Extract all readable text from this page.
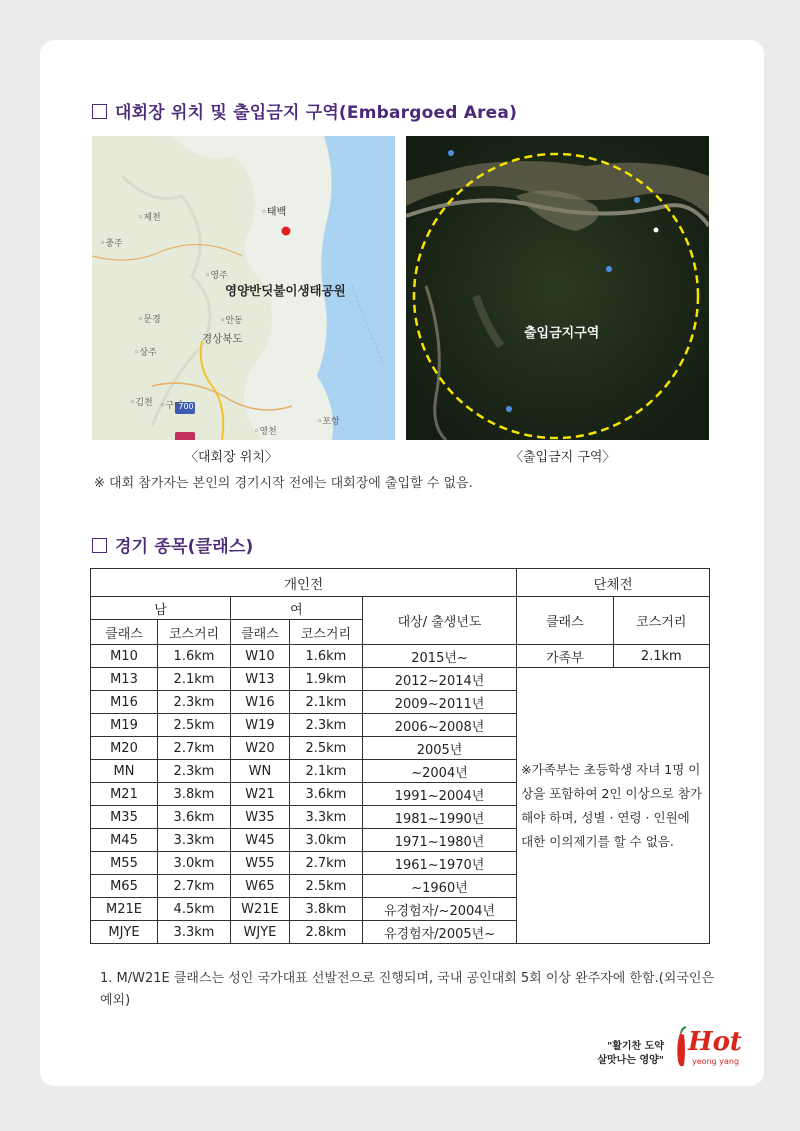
대회장 위치 및 출입금지 구역(Embargoed Area)
◦태백
◦제천
◦충주
◦영주
영양반딧불이생태공원
◦안동
◦문경
경상북도
◦상주
◦김천 ◦구미
◦영천
◦포항
700
〈대회장 위치〉
출입금지구역
〈출입금지 구역〉
※ 대회 참가자는 본인의 경기시작 전에는 대회장에 출입할 수 없음.
경기 종목(클래스)
개인전					단체전	
남		여		대상/ 출생년도	클래스	코스거리
클래스	코스거리	클래스	코스거리			
M10	1.6km	W10	1.6km	2015년~	가족부	2.1km
M13	2.1km	W13	1.9km	2012~2014년	※가족부는 초등학생 자녀 1명 이상을 포함하여 2인 이상으로 참가해야 하며, 성별 · 연령 · 인원에 대한 이의제기를 할 수 없음.	
M16	2.3km	W16	2.1km	2009~2011년		
M19	2.5km	W19	2.3km	2006~2008년		
M20	2.7km	W20	2.5km	2005년		
MN	2.3km	WN	2.1km	~2004년		
M21	3.8km	W21	3.6km	1991~2004년		
M35	3.6km	W35	3.3km	1981~1990년		
M45	3.3km	W45	3.0km	1971~1980년		
M55	3.0km	W55	2.7km	1961~1970년		
M65	2.7km	W65	2.5km	~1960년		
M21E	4.5km	W21E	3.8km	유경험자/~2004년		
MJYE	3.3km	WJYE	2.8km	유경험자/2005년~		
1. M/W21E 클래스는 성인 국가대표 선발전으로 진행되며, 국내 공인대회 5회 이상 완주자에 한함.(외국인은 예외)
"활기찬 도약
살맛나는 영양"
Hot
yeong yang
